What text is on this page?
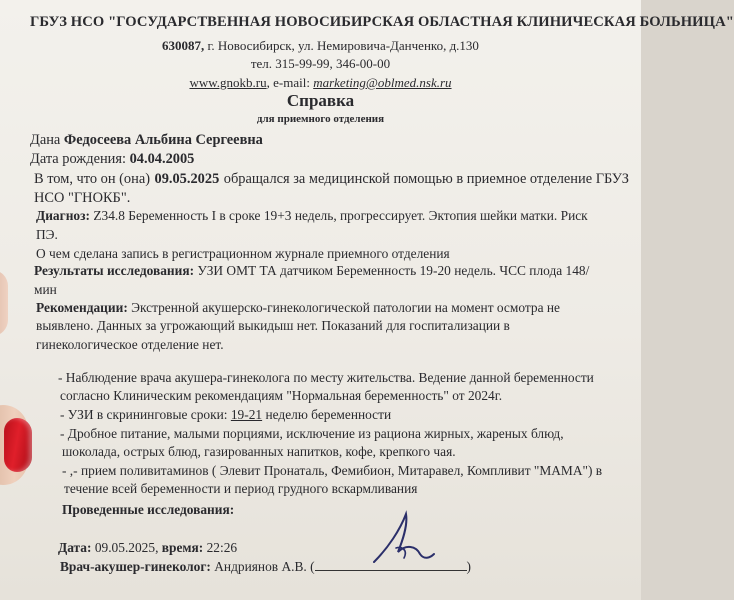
ГБУЗ НСО "ГОСУДАРСТВЕННАЯ НОВОСИБИРСКАЯ ОБЛАСТНАЯ КЛИНИЧЕСКАЯ БОЛЬНИЦА"
630087, г. Новосибирск, ул. Немировича-Данченко, д.130
тел. 315-99-99, 346-00-00
www.gnokb.ru, e-mail: marketing@oblmed.nsk.ru
Справка
для приемного отделения
Дана Федосеева Альбина Сергеевна
Дата рождения: 04.04.2005
В том, что он (она) 09.05.2025 обращался за медицинской помощью в приемное отделение ГБУЗ
НСО "ГНОКБ".
Диагноз: Z34.8 Беременность I в сроке 19+3 недель, прогрессирует. Эктопия шейки матки. Риск
ПЭ.
О чем сделана запись в регистрационном журнале приемного отделения
Результаты исследования: УЗИ ОМТ ТА датчиком Беременность 19-20 недель. ЧСС плода 148/
мин
Рекомендации: Экстренной акушерско-гинекологической патологии на момент осмотра не
выявлено. Данных за угрожающий выкидыш нет. Показаний для госпитализации в
гинекологическое отделение нет.
- Наблюдение врача акушера-гинеколога по месту жительства. Ведение данной беременности
согласно Клиническим рекомендациям "Нормальная беременность" от 2024г.
- УЗИ в скрининговые сроки: 19-21 неделю беременности
- Дробное питание, малыми порциями, исключение из рациона жирных, жареных блюд,
шоколада, острых блюд, газированных напитков, кофе, крепкого чая.
- ,- прием поливитаминов ( Элевит Пронаталь, Фемибион, Митаравел, Компливит "МАМА") в
течение всей беременности и период грудного вскармливания
Проведенные исследования:
Дата: 09.05.2025, время: 22:26
Врач-акушер-гинеколог: Андриянов А.В. (	)
